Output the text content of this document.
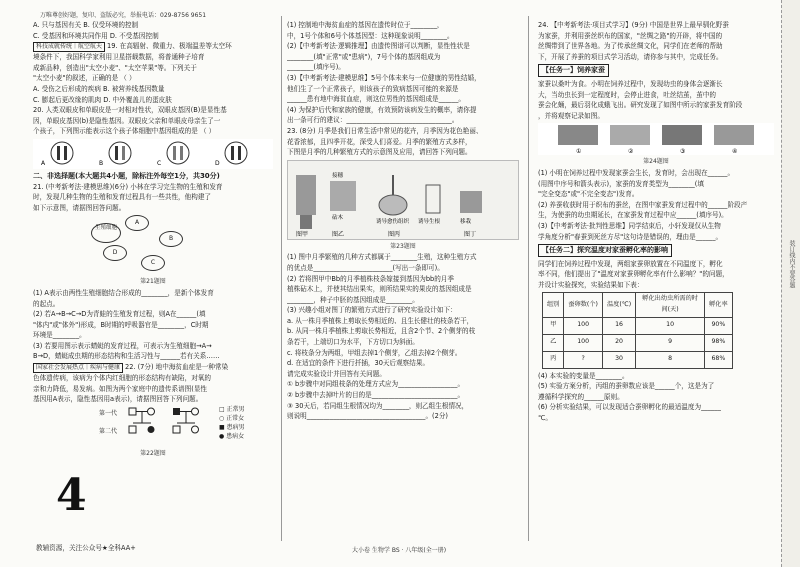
万唯尊创好题，复印、盗版必究，举报电话：029-8756 9651

A. 只与基因有关 B. 仅受环境的控制

C. 受基因和环境共同作用 D. 不受基因控制

科技成就传统｜航空航天 19. 在高辐射、微重力、极端温差等太空环

境条件下，我国科学家利用卫星搭载数据，将普通种子培育

成新品种，创造出"太空小麦"、"太空苹果"等。下列关于

"太空小麦"的叙述，正确的是 （ ）

A. 受伤之后形成的疾病 B. 被营养线基因数量

C. 膨起后更改缘的肌肉 D. 中外覆盖儿的蛋皮肤

20. 人类双眼皮和单眼皮是一对相对性状，双眼皮基因(B)是显性基

因，单眼皮基因(b)是隐性基因。双眼皮父亲和单眼皮母亲生了一

个孩子，下列图示能表示这个孩子体细胞中基因组成的是 （ ）

A	B	C	D

二、非选择题(本大题共4小题，除标注外每空1分，共30分)

21. (中考新考法·建模思维)(6分) 小林在学习完生物的生殖和发育

时，发现几种生物的生殖和发育过程具有一些共性，他构建了

如下示意图，请据图回答问题。

A
B
C
D
生殖细胞

第21题图

(1) A表示由两性生殖细胞结合形成的________，是新个体发育

的起点。

(2) 若A→B→C→D为青蛙的生殖发育过程，则A在______(填

"体内"或"体外")形成，B时期的呼吸器官是________，C时期

环境是________。

(3) 若要用图示表示蜻蜓的发育过程，可表示为生殖细胞→A→

B→D，蜻蜓成虫期的形态结构和生活习性与______若有关系……

国家社会发展热点｜疾病与健康 22. (7分) 地中海贫血症是一种常染

色体遗传病，该病为个体内红细胞的形态结构有缺陷，对氧的

亲和力降低，易发病。如图为两个家庭中的遗传系谱图(显性

基因用A表示，隐性基因用a表示)，请据图回答下列问题。

第一代
第二代
□ 正常男
○ 正常女
■ 患病男
● 患病女

第22题图

4
教辅资源，关注公众号★全科AA+

(1) 控制地中海贫血症的基因在遗传时位于________，

中，1号个体和6号个体基因型：这种现象说明________。

(2)【中考新考法·逻辑推理】由遗传图谱可以判断，显性性状是

________(填"正常"或"患病")，7号个体的基因组成为

________(填序号)。

(3)【中考新考法·建模思维】5号个体未来与一位健康的男性结婚，

他们生了一个正常孩子，则该孩子的致病基因可能的来源是

______患有地中海贫血症，则这位男性的基因组成是______。

(4) 为保护后代和家族的健康，有效预防该病发生的概率，请你提

出一条可行的建议：________________________________。

23. (8分) 月季是我们日常生活中常见的花卉，月季因为花色艳丽、

花香浓郁，且四季开花，深受人们喜爱。月季的繁殖方式多样，

下图是月季的几种繁殖方式的示意图及应用，请回答下列问题。

接穗
砧木
诱导愈伤组织 诱导生根	移栽
图甲	图乙	图丙	图丁

第23题图

(1) 图中月季繁殖的几种方式都属于________生殖，这种生殖方式

的优点是________________________(写出一条即可)。

(2) 若将图甲中Bb的月季植株枝条嫁接到基因为bb的月季

植株砧木上，并使其结出果实，则所结果实的果皮的基因组成是

________，种子中胚的基因组成是________。

(3) 兴趣小组对图丁的繁殖方式进行了研究实验设计如下：

a. 从一株月季植株上剪取长势相近的、且生长健壮的枝条若干，

b. 从同一株月季植株上剪取长势相近，且含2个节、2个侧芽的枝

条若干，上端切口为水平，下方切口为斜面。

c. 将枝条分为两组，甲组去掉1个侧芽，乙组去掉2个侧芽。

d. 在适宜的条件下进行扦插，30天后观察结果。

请完成实验设计并回答有关问题。

① b步骤中对同组枝条的处理方式应为__________________。

② b步骤中去掉叶片的目的是__________________________。

③ 30天后，若同组生根情况均为________，则乙组生根情况，

则说明____________________________________。(2分)

大小卷 生物学 BS · 八年级(全一册)

24. 【中考新考法·项目式学习】(9分) 中国是世界上最早驯化野蚕

为家蚕，并利用蚕丝织布的国家，"丝绸之路"的开辟，将中国的

丝绸带到了世界各地。为了传承丝绸文化，同学们在老师的帮助

下，开展了养蚕的项目式学习活动，请你参与其中，完成任务。

【任务一】饲养家蚕

家蚕以桑叶为食。小明在饲养过程中，发现幼虫的身体会逐渐长

大，当幼虫长到一定程度时，会停止进食，吐丝结茧，茧中的

蚕会化蛹，最后羽化成蛾飞出。研究发现了如图中所示的家蚕发育阶段

，并将观察记录如图。

①	②	③	④

第24题图

(1) 小明在饲养过程中发现家蚕会生长，发育时，会出现在______。

(用图中序号和箭头表示)，家蚕的发育类型为________(填

"完全变态"或"不完全变态")发育。

(2) 养蚕收获时用于织布的蚕丝，在图中家蚕发育过程中的______阶段产

生，为使蚕的幼虫期延长，在家蚕发育过程中应______(填序号)。

(3)【中考新考法·批判性思维】同学结束后，小轩发现仅从生物

学角度分析"春蚕到死丝方尽"这句诗是错误的，理由是______。

【任务二】探究温度对家蚕孵化率的影响

同学们在饲养过程中发现，两组家蚕卵放置在不同温度下，孵化

率不同，他们提出了"温度对家蚕卵孵化率有什么影响？"的问题，

并设计实验探究，实验结果如下表：

组别	蚕卵数(个)	温度(℃)	孵化出幼虫所需的时间(天)	孵化率
甲	100	16	10	90%
乙	100	20	9	98%
丙	?	30	8	68%

(4) 本实验的变量是________。

(5) 实验方案分析，丙组的蚕卵数应该是______个，这是为了

遵循科学探究的______原则。

(6) 分析实验结果，可以发现适合蚕卵孵化的最适温度为______

℃。

装订线内不要答题
